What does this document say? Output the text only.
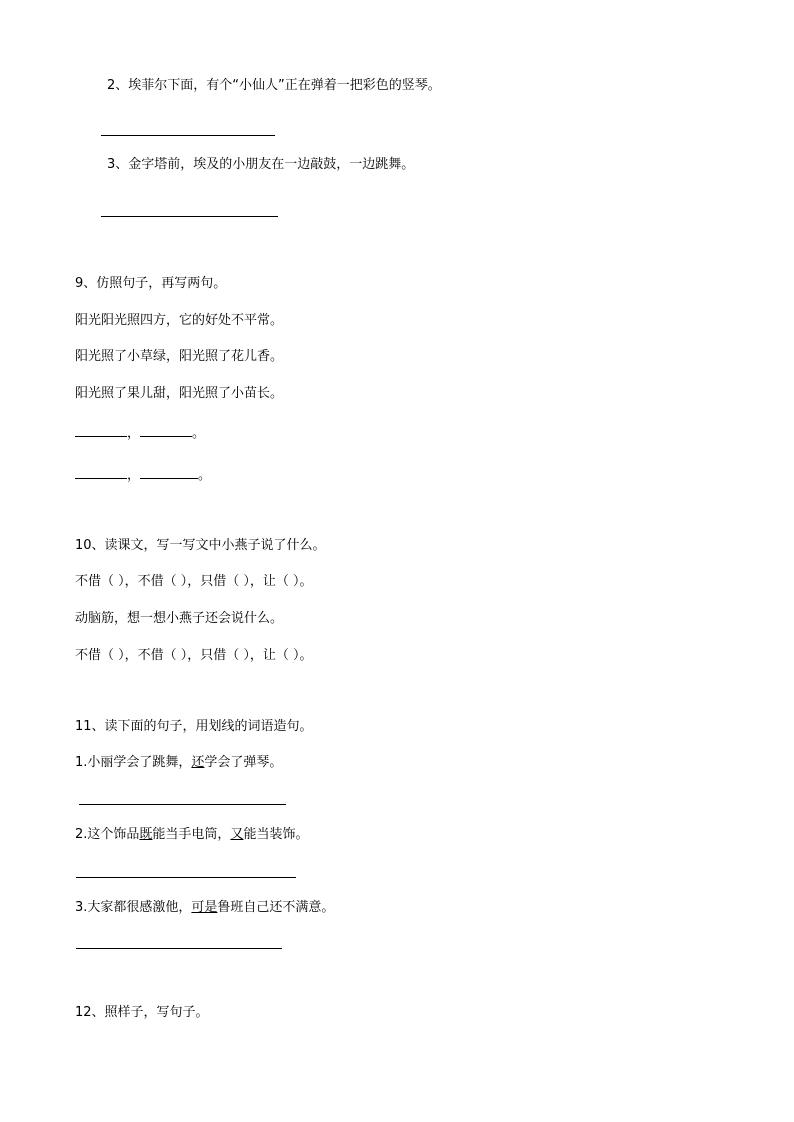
2、埃菲尔下面，有个“小仙人”正在弹着一把彩色的竖琴。
3、金字塔前，埃及的小朋友在一边敲鼓，一边跳舞。
9、仿照句子，再写两句。
阳光阳光照四方，它的好处不平常。
阳光照了小草绿，阳光照了花儿香。
阳光照了果儿甜，阳光照了小苗长。
，	。
，	。
10、读课文，写一写文中小燕子说了什么。
不借（ ），不借（ ），只借（ ），让（ ）。
动脑筋，想一想小燕子还会说什么。
不借（ ），不借（ ），只借（ ），让（ ）。
11、读下面的句子，用划线的词语造句。
1.小丽学会了跳舞，还学会了弹琴。
2.这个饰品既能当手电筒，又能当装饰。
3.大家都很感激他，可是鲁班自己还不满意。
12、照样子，写句子。
